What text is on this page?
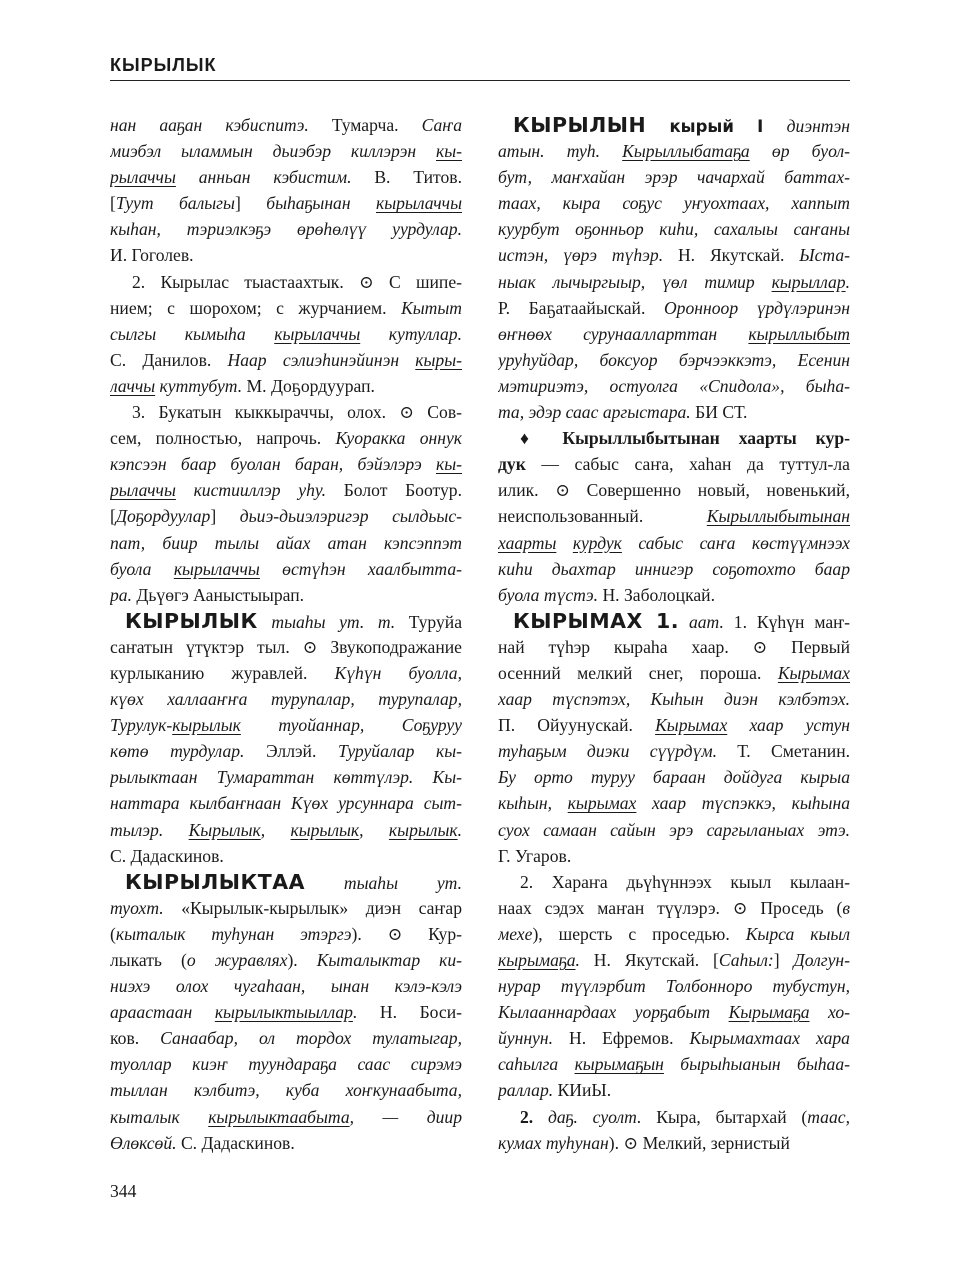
КЫРЫЛЫК
нан ааҕан кэбиспитэ. Тумарча. Саҥа
миэбэл ыламмын дьиэбэр киллэрэн кы-
рылаччы анньан кэбистим. В. Титов.
[Туут балыгы] быһаҕынан кырылаччы
кыһан, тэриэлкэҕэ өрөһөлүү уурдулар.
И. Гоголев.
2. Кырылас тыастаахтык. ⊙ С шипе-
нием; с шорохом; с журчанием. Кытыт
сылгы кымыһа кырылаччы кутуллар.
С. Данилов. Наар сэлиэһинэйинэн кыры-
лаччы куттубут. М. Доҕордуурап.
3. Букатын кыккыраччы, олох. ⊙ Сов-
сем, полностью, напрочь. Куоракка оннук
кэпсээн баар буолан баран, бэйэлэрэ кы-
рылаччы кистииллэр уһу. Болот Боотур.
[Доҕордуулар] дьиэ-дьиэлэригэр сылдьыс-
пат, биир тылы айах атан кэпсэппэт
буола кырылаччы өстүһэн хаалбытта-
ра. Дьүөгэ Ааныстыырап.
КЫРЫЛЫК тыаһы ут. т. Туруйа
саҥатын үтүктэр тыл. ⊙ Звукоподражание
курлыканию журавлей. Күһүн буолла,
күөх халлааҥҥа турупалар, турупалар,
Турулук-кырылык туойаннар, Соҕуруу
көтө турдулар. Эллэй. Туруйалар кы-
рылыктаан Тумараттан көттүлэр. Кы-
наттара кылбаҥнаан Күөх урсуннара сыт-
тылэр. Кырылык, кырылык, кырылык.
С. Дадаскинов.
КЫРЫЛЫКТАА тыаһы ут.
туохт. «Кырылык-кырылык» диэн саҥар
(кыталык туһунан этэргэ). ⊙ Кур-
лыкать (о журавлях). Кыталыктар ки-
ниэхэ олох чугаһаан, ынан кэлэ-кэлэ
араастаан кырылыктыыллар. Н. Боси-
ков. Санаабар, ол тордох тулатыгар,
туоллар киэҥ туундараҕа саас сирэмэ
тыллан кэлбитэ, куба хоҥкунаабыта,
кыталык кырылыктаабыта, — диир
Өлөксөй. С. Дадаскинов.
КЫРЫЛЫН кырый І диэнтэн
атын. туһ. Кырыллыбатаҕа өр буол-
бут, маҥхайан эрэр чачархай баттах-
таах, кыра соҕус уҥуохтаах, хаппыт
куурбут оҕонньор киһи, сахалыы саҥаны
истэн, үөрэ түһэр. Н. Якутскай. Ыста-
ныак лычыргыыр, үөл тимир кырыллар.
Р. Баҕатаайыскай. Оронноор үрдүлэринэн
өҥнөөх сурунаалларттан кырыллыбыт
уруһуйдар, боксуор бэрчээккэтэ, Есенин
мэтириэтэ, остуолга «Спидола», быһа-
та, эдэр саас аргыстара. БИ СТ.
♦ Кырыллыбытынан хаарты кур-
дук — сабыс саҥа, хаһан да туттул-ла
илик. ⊙ Совершенно новый, новенький,
неиспользованный. Кырыллыбытынан
хаарты курдук сабыс саҥа көстүүмнээх
киһи дьахтар иннигэр соҕотохто баар
буола түстэ. Н. Заболоцкай.
КЫРЫМАХ 1. аат. 1. Күһүн маҥ-
най түһэр кыраһа хаар. ⊙ Первый
осенний мелкий снег, пороша. Кырымах
хаар түспэтэх, Кыһын диэн кэлбэтэх.
П. Ойуунускай. Кырымах хаар устун
туһаҕым диэки сүүрдүм. Т. Сметанин.
Бу орто туруу бараан дойдуга кырыа
кыһын, кырымах хаар түспэккэ, кыһына
суох самаан сайын эрэ саргыланыах этэ.
Г. Угаров.
2. Хараҥа дьүһүннээх кыыл кылаан-
наах сэдэх маҥан түүлэрэ. ⊙ Проседь (в
мехе), шерсть с проседью. Кырса кыыл
кырымаҕа. Н. Якутскай. [Саһыл:] Долгун-
нурар түүлэрбит Толбонноро тубустун,
Кылааннардаах уорҕабыт Кырымаҕа хо-
йуннун. Н. Ефремов. Кырымахтаах хара
саһылга кырымаҕын бырыһыанын быһаа-
раллар. КИиЫ.
2. даҕ. суолт. Кыра, бытархай (таас,
кумах туһунан). ⊙ Мелкий, зернистый
344
